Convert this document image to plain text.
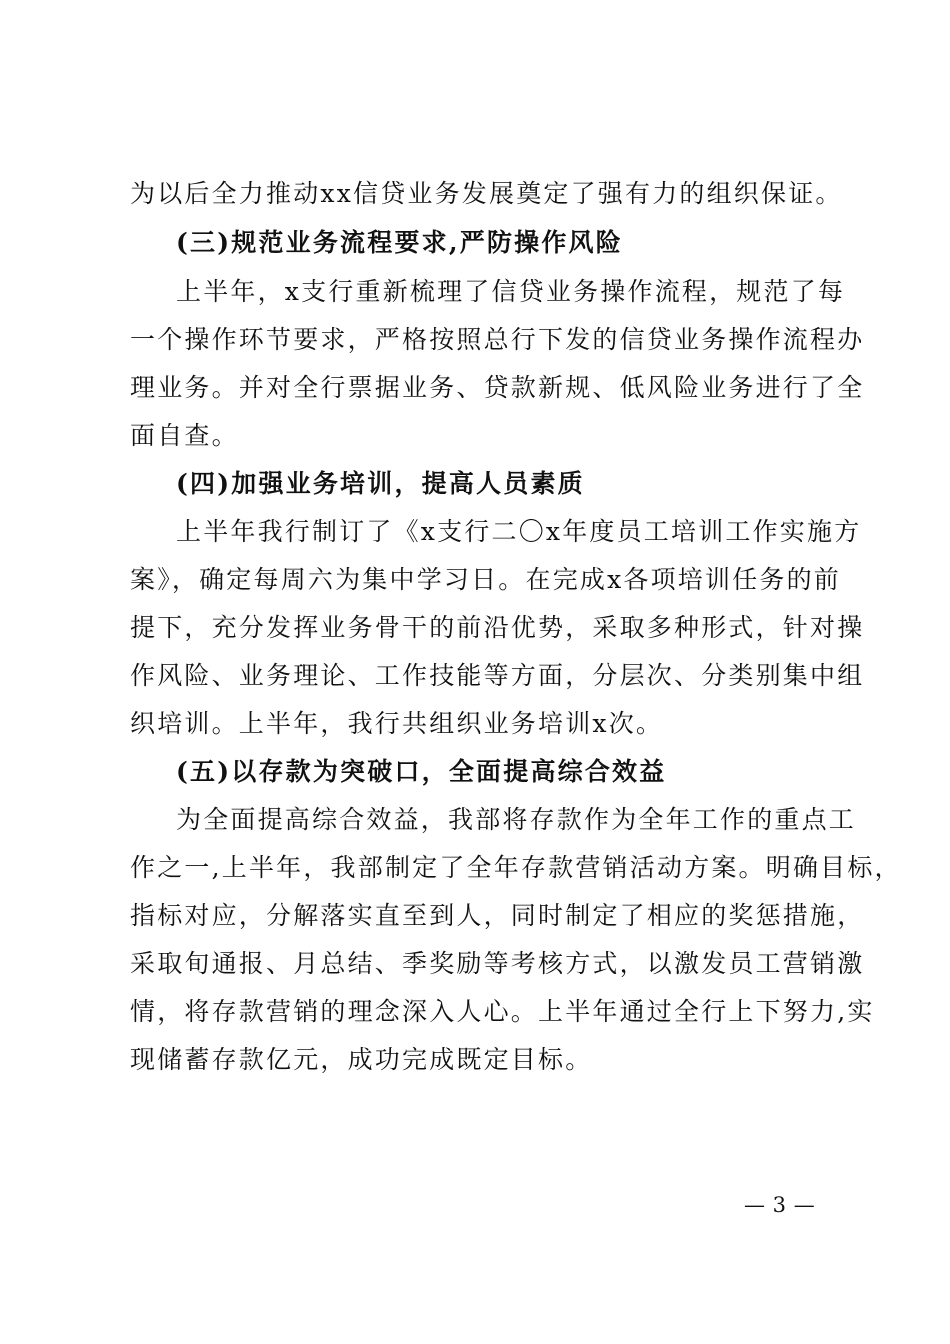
为以后全力推动xx信贷业务发展奠定了强有力的组织保证。
(三)规范业务流程要求,严防操作风险
上半年，x支行重新梳理了信贷业务操作流程，规范了每
一个操作环节要求，严格按照总行下发的信贷业务操作流程办
理业务。并对全行票据业务、贷款新规、低风险业务进行了全
面自查。
(四)加强业务培训，提高人员素质
上半年我行制订了《x支行二〇x年度员工培训工作实施方
案》，确定每周六为集中学习日。在完成x各项培训任务的前
提下，充分发挥业务骨干的前沿优势，采取多种形式，针对操
作风险、业务理论、工作技能等方面，分层次、分类别集中组
织培训。上半年，我行共组织业务培训x次。
(五)以存款为突破口，全面提高综合效益
为全面提高综合效益，我部将存款作为全年工作的重点工
作之一,上半年，我部制定了全年存款营销活动方案。明确目标，
指标对应，分解落实直至到人，同时制定了相应的奖惩措施，
采取旬通报、月总结、季奖励等考核方式，以激发员工营销激
情，将存款营销的理念深入人心。上半年通过全行上下努力,实
现储蓄存款亿元，成功完成既定目标。
— 3 —
